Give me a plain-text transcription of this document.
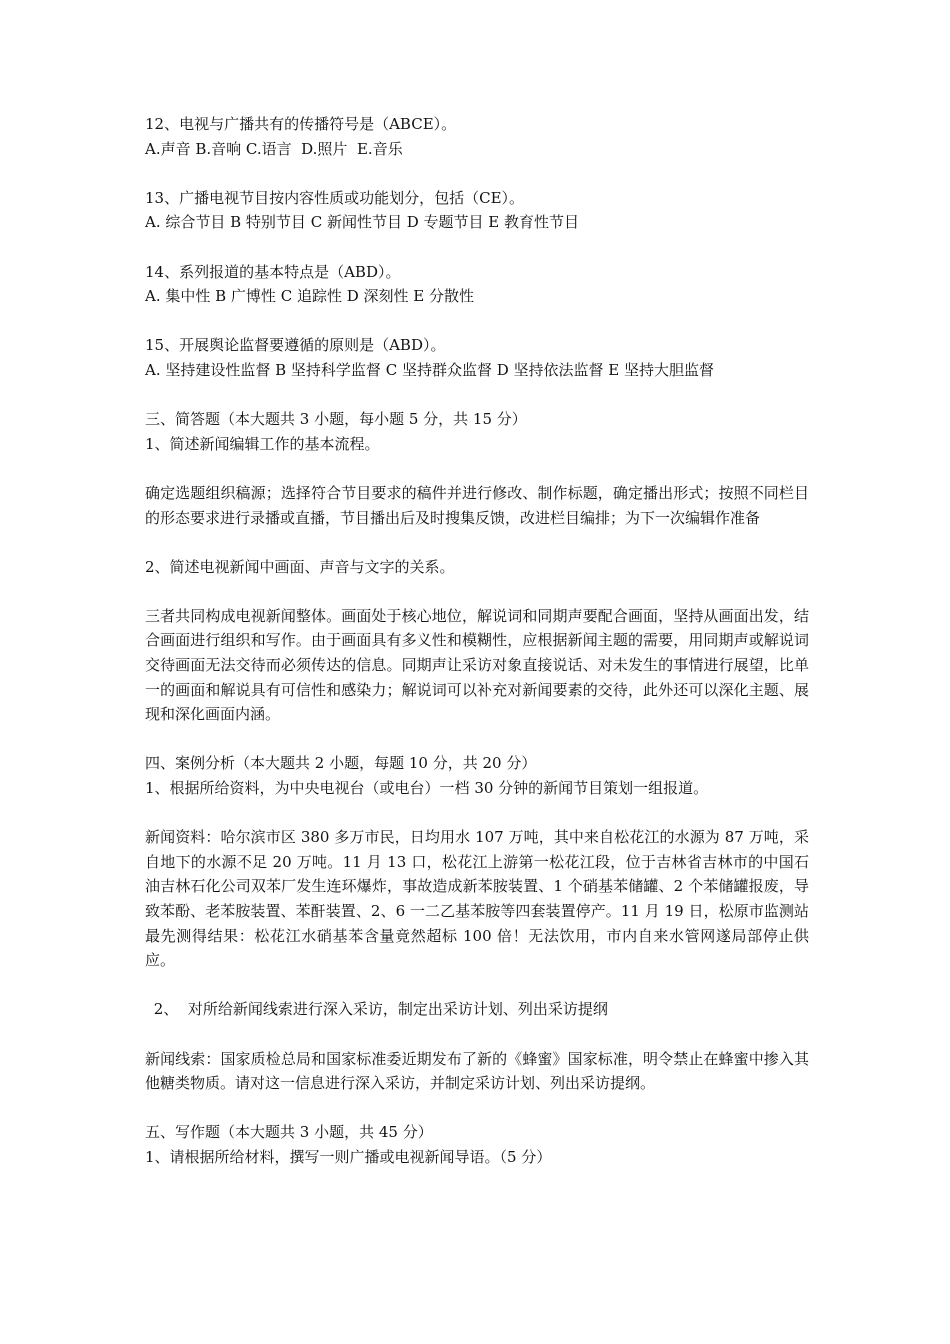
12、电视与广播共有的传播符号是（ABCE）。

A.声音 B.音响 C.语言  D.照片  E.音乐

13、广播电视节目按内容性质或功能划分，包括（CE）。

A. 综合节目 B 特别节目 C 新闻性节目 D 专题节目 E 教育性节目

14、系列报道的基本特点是（ABD）。

A. 集中性 B 广博性 C 追踪性 D 深刻性 E 分散性

15、开展舆论监督要遵循的原则是（ABD）。

A. 坚持建设性监督 B 坚持科学监督 C 坚持群众监督 D 坚持依法监督 E 坚持大胆监督

三、简答题（本大题共 3 小题，每小题 5 分，共 15 分）

1、简述新闻编辑工作的基本流程。

确定选题组织稿源；选择符合节目要求的稿件并进行修改、制作标题，确定播出形式；按照不同栏目的形态要求进行录播或直播，节目播出后及时搜集反馈，改进栏目编排；为下一次编辑作准备

2、简述电视新闻中画面、声音与文字的关系。

三者共同构成电视新闻整体。画面处于核心地位，解说词和同期声要配合画面，坚持从画面出发，结合画面进行组织和写作。由于画面具有多义性和模糊性，应根据新闻主题的需要，用同期声或解说词交待画面无法交待而必须传达的信息。同期声让采访对象直接说话、对未发生的事情进行展望，比单一的画面和解说具有可信性和感染力；解说词可以补充对新闻要素的交待，此外还可以深化主题、展现和深化画面内涵。

四、案例分析（本大题共 2 小题，每题 10 分，共 20 分）

1、根据所给资料，为中央电视台（或电台）一档 30 分钟的新闻节目策划一组报道。

新闻资料：哈尔滨市区 380 多万市民，日均用水 107 万吨，其中来自松花江的水源为 87 万吨，采自地下的水源不足 20 万吨。11 月 13 口，松花江上游第一松花江段，位于吉林省吉林市的中国石油吉林石化公司双苯厂发生连环爆炸，事故造成新苯胺装置、1 个硝基苯储罐、2 个苯储罐报废，导致苯酚、老苯胺装置、苯酐装置、2、6 一二乙基苯胺等四套装置停产。11 月 19 日，松原市监测站最先测得结果：松花江水硝基苯含量竟然超标 100 倍！无法饮用，市内自来水管网遂局部停止供应。

2、  对所给新闻线索进行深入采访，制定出采访计划、列出采访提纲

新闻线索：国家质检总局和国家标准委近期发布了新的《蜂蜜》国家标准，明令禁止在蜂蜜中掺入其他糖类物质。请对这一信息进行深入采访，并制定采访计划、列出采访提纲。

五、写作题（本大题共 3 小题，共 45 分）

1、请根据所给材料，撰写一则广播或电视新闻导语。（5 分）
